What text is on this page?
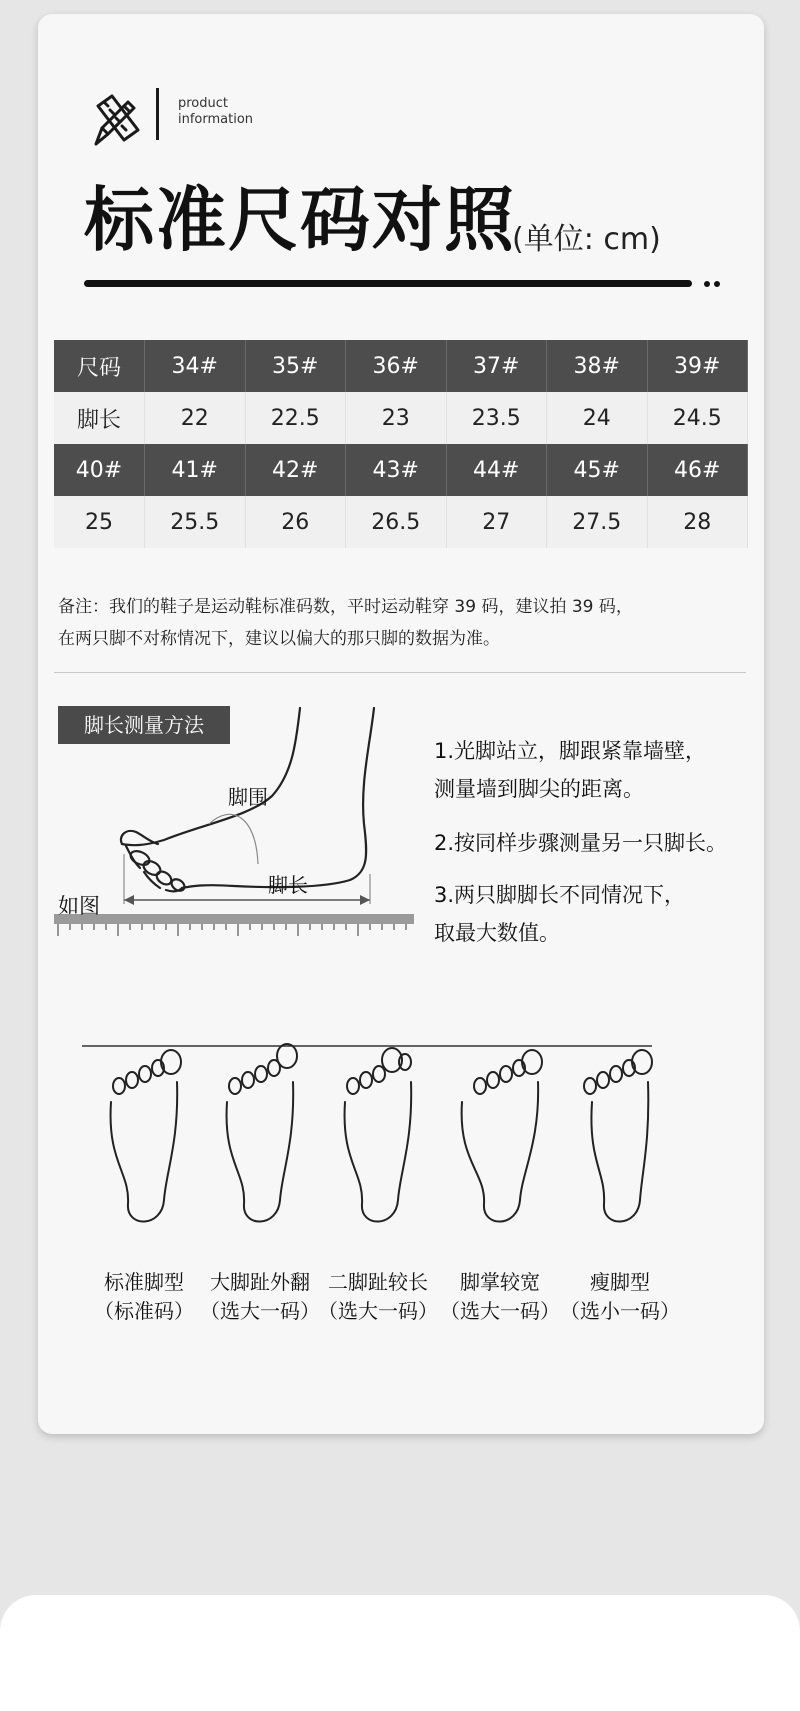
product
information
标准尺码对照
(单位: cm)
尺码	34#	35#	36#	37#	38#	39#
脚长	22	22.5	23	23.5	24	24.5
40#	41#	42#	43#	44#	45#	46#
25	25.5	26	26.5	27	27.5	28
备注：我们的鞋子是运动鞋标准码数，平时运动鞋穿 39 码，建议拍 39 码，
在两只脚不对称情况下，建议以偏大的那只脚的数据为准。
脚围
脚长
脚长测量方法
如图
1.光脚站立，脚跟紧靠墙壁，
测量墙到脚尖的距离。
2.按同样步骤测量另一只脚长。
3.两只脚脚长不同情况下，
取最大数值。
标准脚型
（标准码）
大脚趾外翻
（选大一码）
二脚趾较长
（选大一码）
脚掌较宽
（选大一码）
瘦脚型
（选小一码）
